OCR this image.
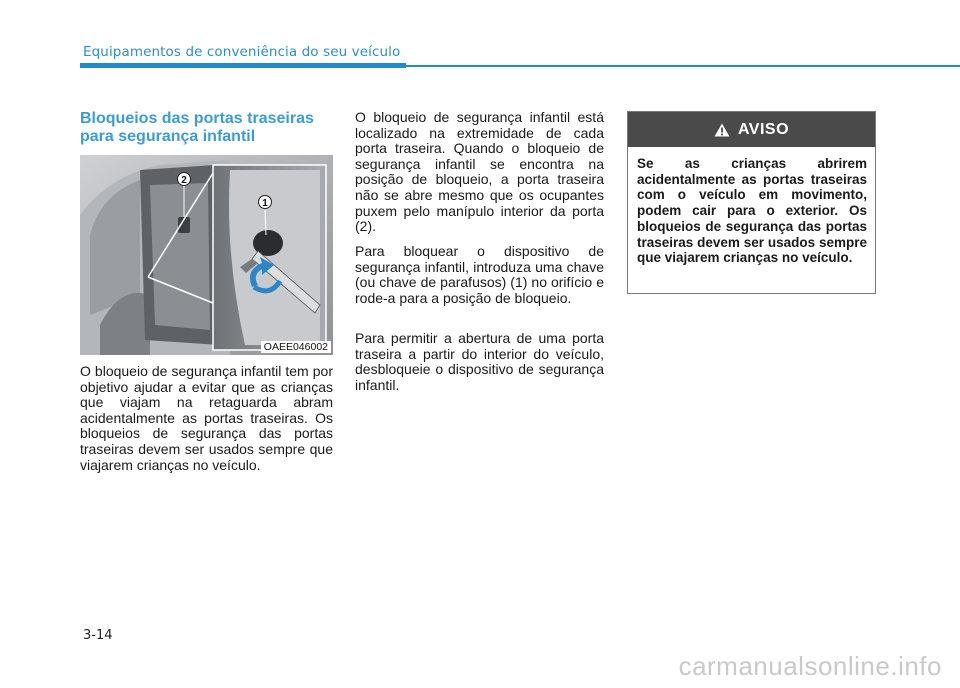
Equipamentos de conveniência do seu veículo
Bloqueios das portas traseiras para segurança infantil
2
1
OAEE046002

O bloqueio de segurança infantil tem por objetivo ajudar a evitar que as crianças que viajam na retaguarda abram acidentalmente as portas traseiras. Os bloqueios de segurança das portas traseiras devem ser usados sempre que viajarem crianças no veículo.

O bloqueio de segurança infantil está localizado na extremidade de cada porta traseira. Quando o bloqueio de segurança infantil se encontra na posição de bloqueio, a porta traseira não se abre mesmo que os ocupantes puxem pelo manípulo interior da porta (2).

Para bloquear o dispositivo de segurança infantil, introduza uma chave (ou chave de parafusos) (1) no orifício e rode-a para a posição de bloqueio.

Para permitir a abertura de uma porta traseira a partir do interior do veículo, desbloqueie o dispositivo de segurança infantil.

AVISO

Se as crianças abrirem acidentalmente as portas traseiras com o veículo em movimento, podem cair para o exterior. Os bloqueios de segurança das portas traseiras devem ser usados sempre que viajarem crianças no veículo.

3-14
carmanualsonline.info
